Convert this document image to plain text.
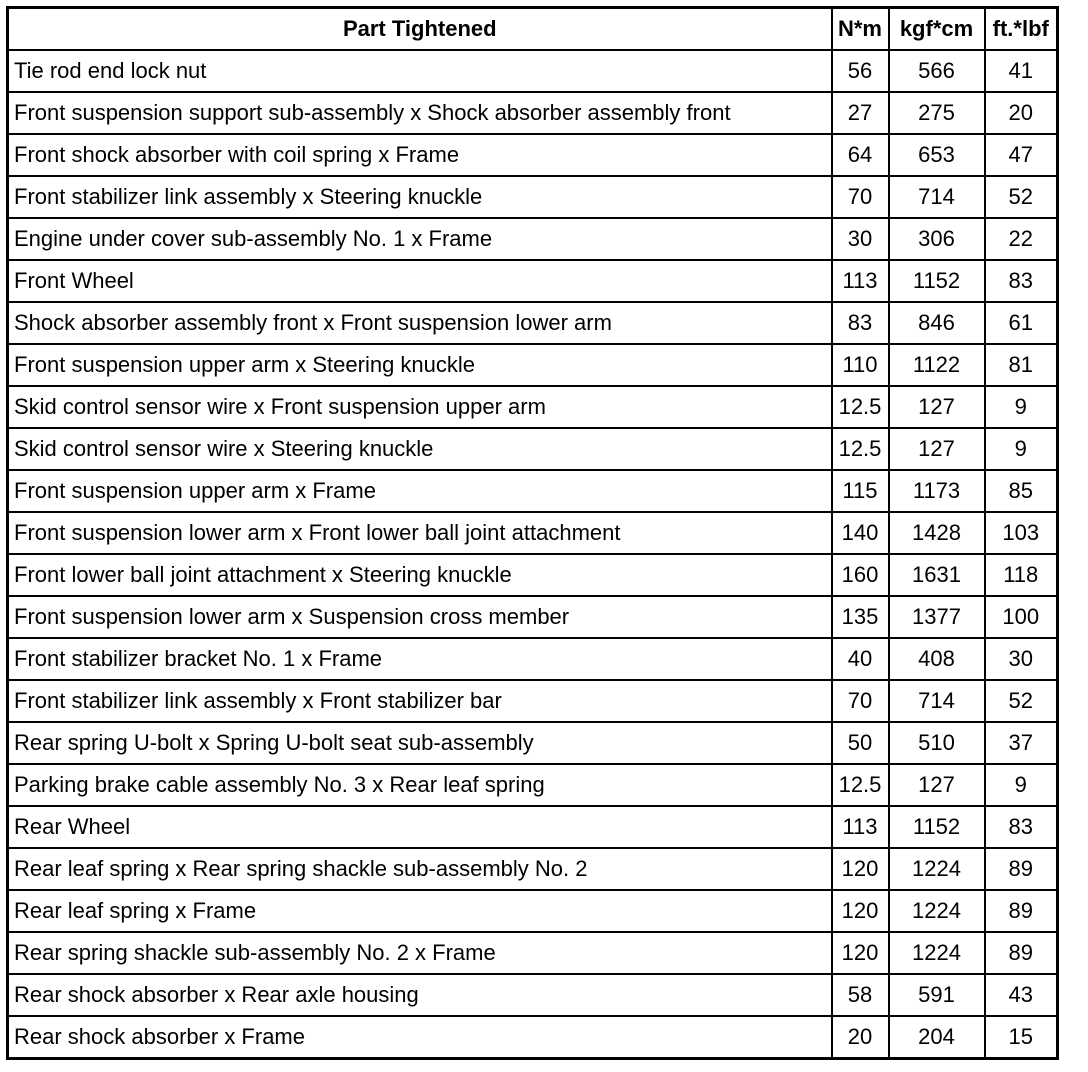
Part Tightened	N*m	kgf*cm	ft.*lbf
Tie rod end lock nut	56	566	41
Front suspension support sub-assembly x Shock absorber assembly front	27	275	20
Front shock absorber with coil spring x Frame	64	653	47
Front stabilizer link assembly x Steering knuckle	70	714	52
Engine under cover sub-assembly No. 1 x Frame	30	306	22
Front Wheel	113	1152	83
Shock absorber assembly front x Front suspension lower arm	83	846	61
Front suspension upper arm x Steering knuckle	110	1122	81
Skid control sensor wire x Front suspension upper arm	12.5	127	9
Skid control sensor wire x Steering knuckle	12.5	127	9
Front suspension upper arm x Frame	115	1173	85
Front suspension lower arm x Front lower ball joint attachment	140	1428	103
Front lower ball joint attachment x Steering knuckle	160	1631	118
Front suspension lower arm x Suspension cross member	135	1377	100
Front stabilizer bracket No. 1 x Frame	40	408	30
Front stabilizer link assembly x Front stabilizer bar	70	714	52
Rear spring U-bolt x Spring U-bolt seat sub-assembly	50	510	37
Parking brake cable assembly No. 3 x Rear leaf spring	12.5	127	9
Rear Wheel	113	1152	83
Rear leaf spring x Rear spring shackle sub-assembly No. 2	120	1224	89
Rear leaf spring x Frame	120	1224	89
Rear spring shackle sub-assembly No. 2 x Frame	120	1224	89
Rear shock absorber x Rear axle housing	58	591	43
Rear shock absorber x Frame	20	204	15
